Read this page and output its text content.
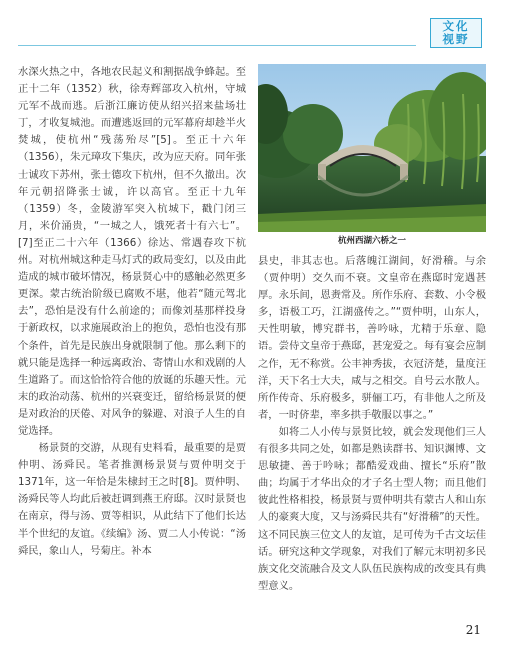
文化
视野

水深火热之中，各地农民起义和割据战争蜂起。至正十二年（1352）秋，徐寿辉部攻入杭州，守城元军不战而逃。后浙江廉访使从绍兴招来盐场壮丁，才收复城池。而遭逃返回的元军幕府却趁半火焚城，使杭州“残荡殆尽”[5]。至正十六年（1356），朱元璋攻下集庆，改为应天府。同年张士诚攻下苏州，张士德攻下杭州，但不久撤出。次年元朝招降张士诚，许以高官。至正十九年（1359）冬，金陵游军突入杭城下，戳门闭三月，米价涌贵，“一城之人，饿死者十有六七”。[7]至正二十六年（1366）徐达、常遇春攻下杭州。对杭州城这种走马灯式的政局变幻，以及由此造成的城市破坏情况，杨景贤心中的感触必然更多更深。蒙古统治阶级已腐败不堪，他若“随元驾北去”，恐怕是没有什么前途的；而像刘基那样投身于新政权，以求施展政治上的抱负，恐怕也没有那个条件，首先是民族出身就限制了他。那么剩下的就只能是选择一种远离政治、寄情山水和戏剧的人生道路了。而这恰恰符合他的放诞的乐趣天性。元末的政治动荡、杭州的兴衰变迁，留给杨景贤的便是对政治的厌倦、对风争的躲避、对浪子人生的自觉选择。

杨景贤的交游，从现有史料看，最重要的是贾仲明、汤舜民。笔者推测杨景贤与贾仲明交于1371年，这一年恰是朱棣封王之时[8]。贾仲明、汤舜民等人均此后被赶调到燕王府邸。汉时景贤也在南京，得与汤、贾等相识，从此结下了他们长达半个世纪的友谊。《续编》汤、贾二人小传说：“汤舜民，象山人，号菊庄。补本

杭州西湖六桥之一

县史，非其志也。后落魄江湖间，好滑稽。与余（贾仲明）交久而不衰。文皇帝在燕邸时宠遇甚厚。永乐间，恩赉常及。所作乐府、套数、小令极多，语极工巧，江湖盛传之。”“贾仲明，山东人，天性明敏，博究群书，善吟咏，尤精于乐章、隐语。尝侍文皇帝于燕邸，甚宠爱之。每有宴会应制之作，无不称赏。公丰神秀拔，衣冠济楚，量度汪洋，天下名士大夫，咸与之相交。自号云水散人。所作传奇、乐府极多，骈俪工巧，有非他人之所及者，一时侪辈，率多拱手敬服以事之。”

如将二人小传与景贤比较，就会发现他们三人有很多共同之处，如都是熟读群书、知识渊博、文思敏捷、善于吟咏；都酷爱戏曲、擅长“乐府”散曲；均属于才华出众的才子名士型人物；而且他们彼此性格相投，杨景贤与贾仲明共有蒙古人和山东人的豪爽大度，又与汤舜民共有“好滑稽”的天性。这不同民族三位文人的友谊，足可传为千古文坛佳话。研究这种文学现象，对我们了解元末明初多民族文化交流融合及文人队伍民族构成的改变具有典型意义。

21
